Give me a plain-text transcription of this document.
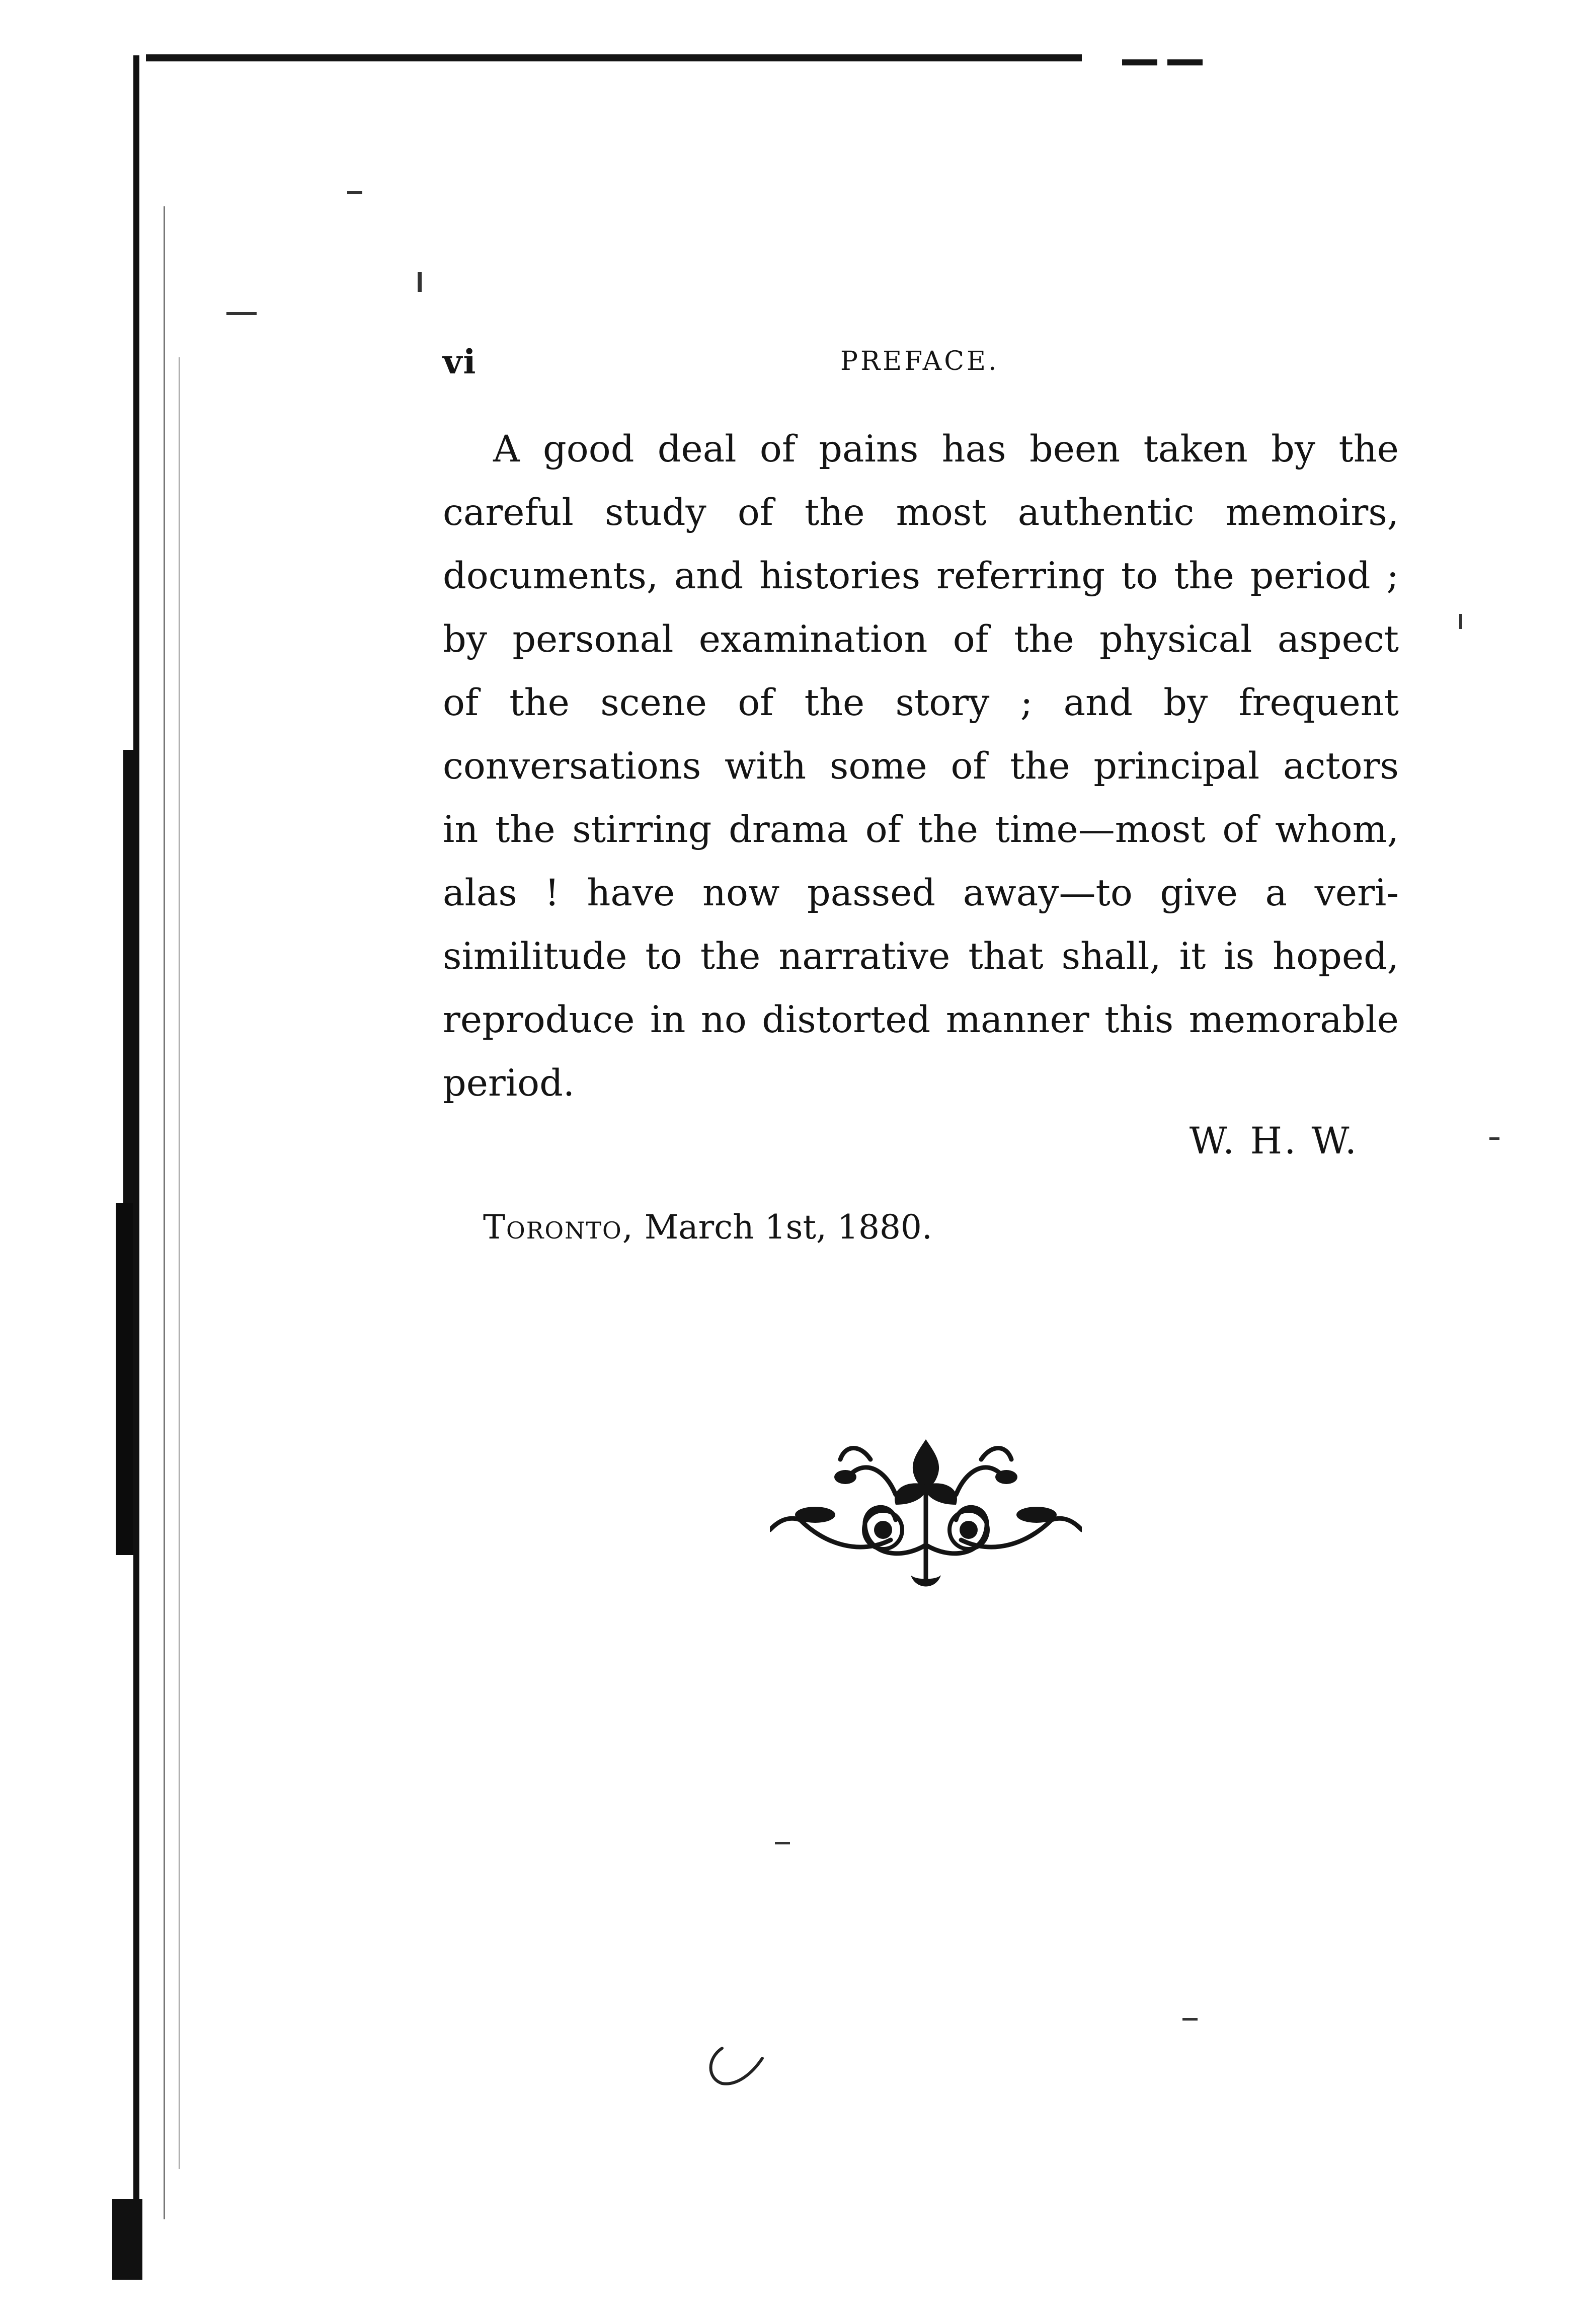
vi	PREFACE.
A good deal of pains has been taken by the
careful study of the most authentic memoirs,
documents, and histories referring to the period ;
by personal examination of the physical aspect
of the scene of the story ; and by frequent
conversations with some of the principal actors
in the stirring drama of the time—most of whom,
alas ! have now passed away—to give a veri-
similitude to the narrative that shall, it is hoped,
reproduce in no distorted manner this memorable
period.
W. H. W.
Toronto, March 1st, 1880.
